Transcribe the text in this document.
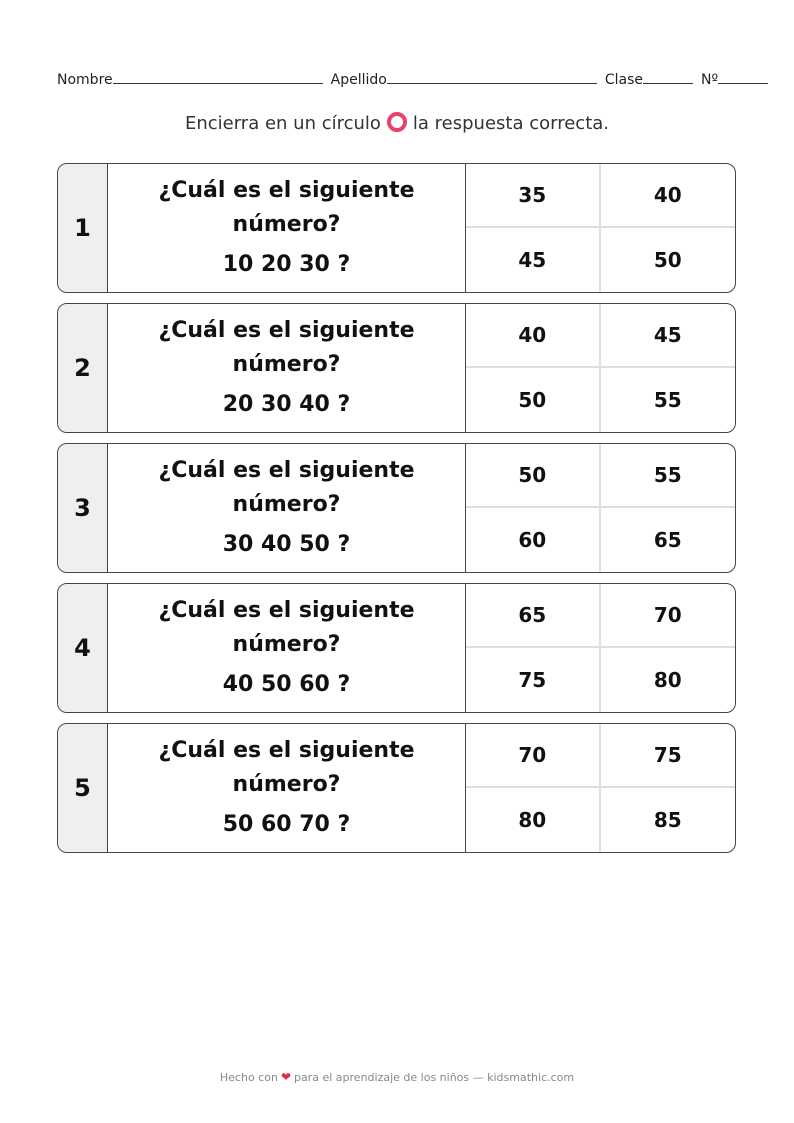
Nombre	Apellido	Clase	Nº
Encierra en un círculo la respuesta correcta.
1
¿Cuál es el siguiente número?
10 20 30 ?
35	40
45	50
2
¿Cuál es el siguiente número?
20 30 40 ?
40	45
50	55
3
¿Cuál es el siguiente número?
30 40 50 ?
50	55
60	65
4
¿Cuál es el siguiente número?
40 50 60 ?
65	70
75	80
5
¿Cuál es el siguiente número?
50 60 70 ?
70	75
80	85
Hecho con ❤ para el aprendizaje de los niños — kidsmathic.com
